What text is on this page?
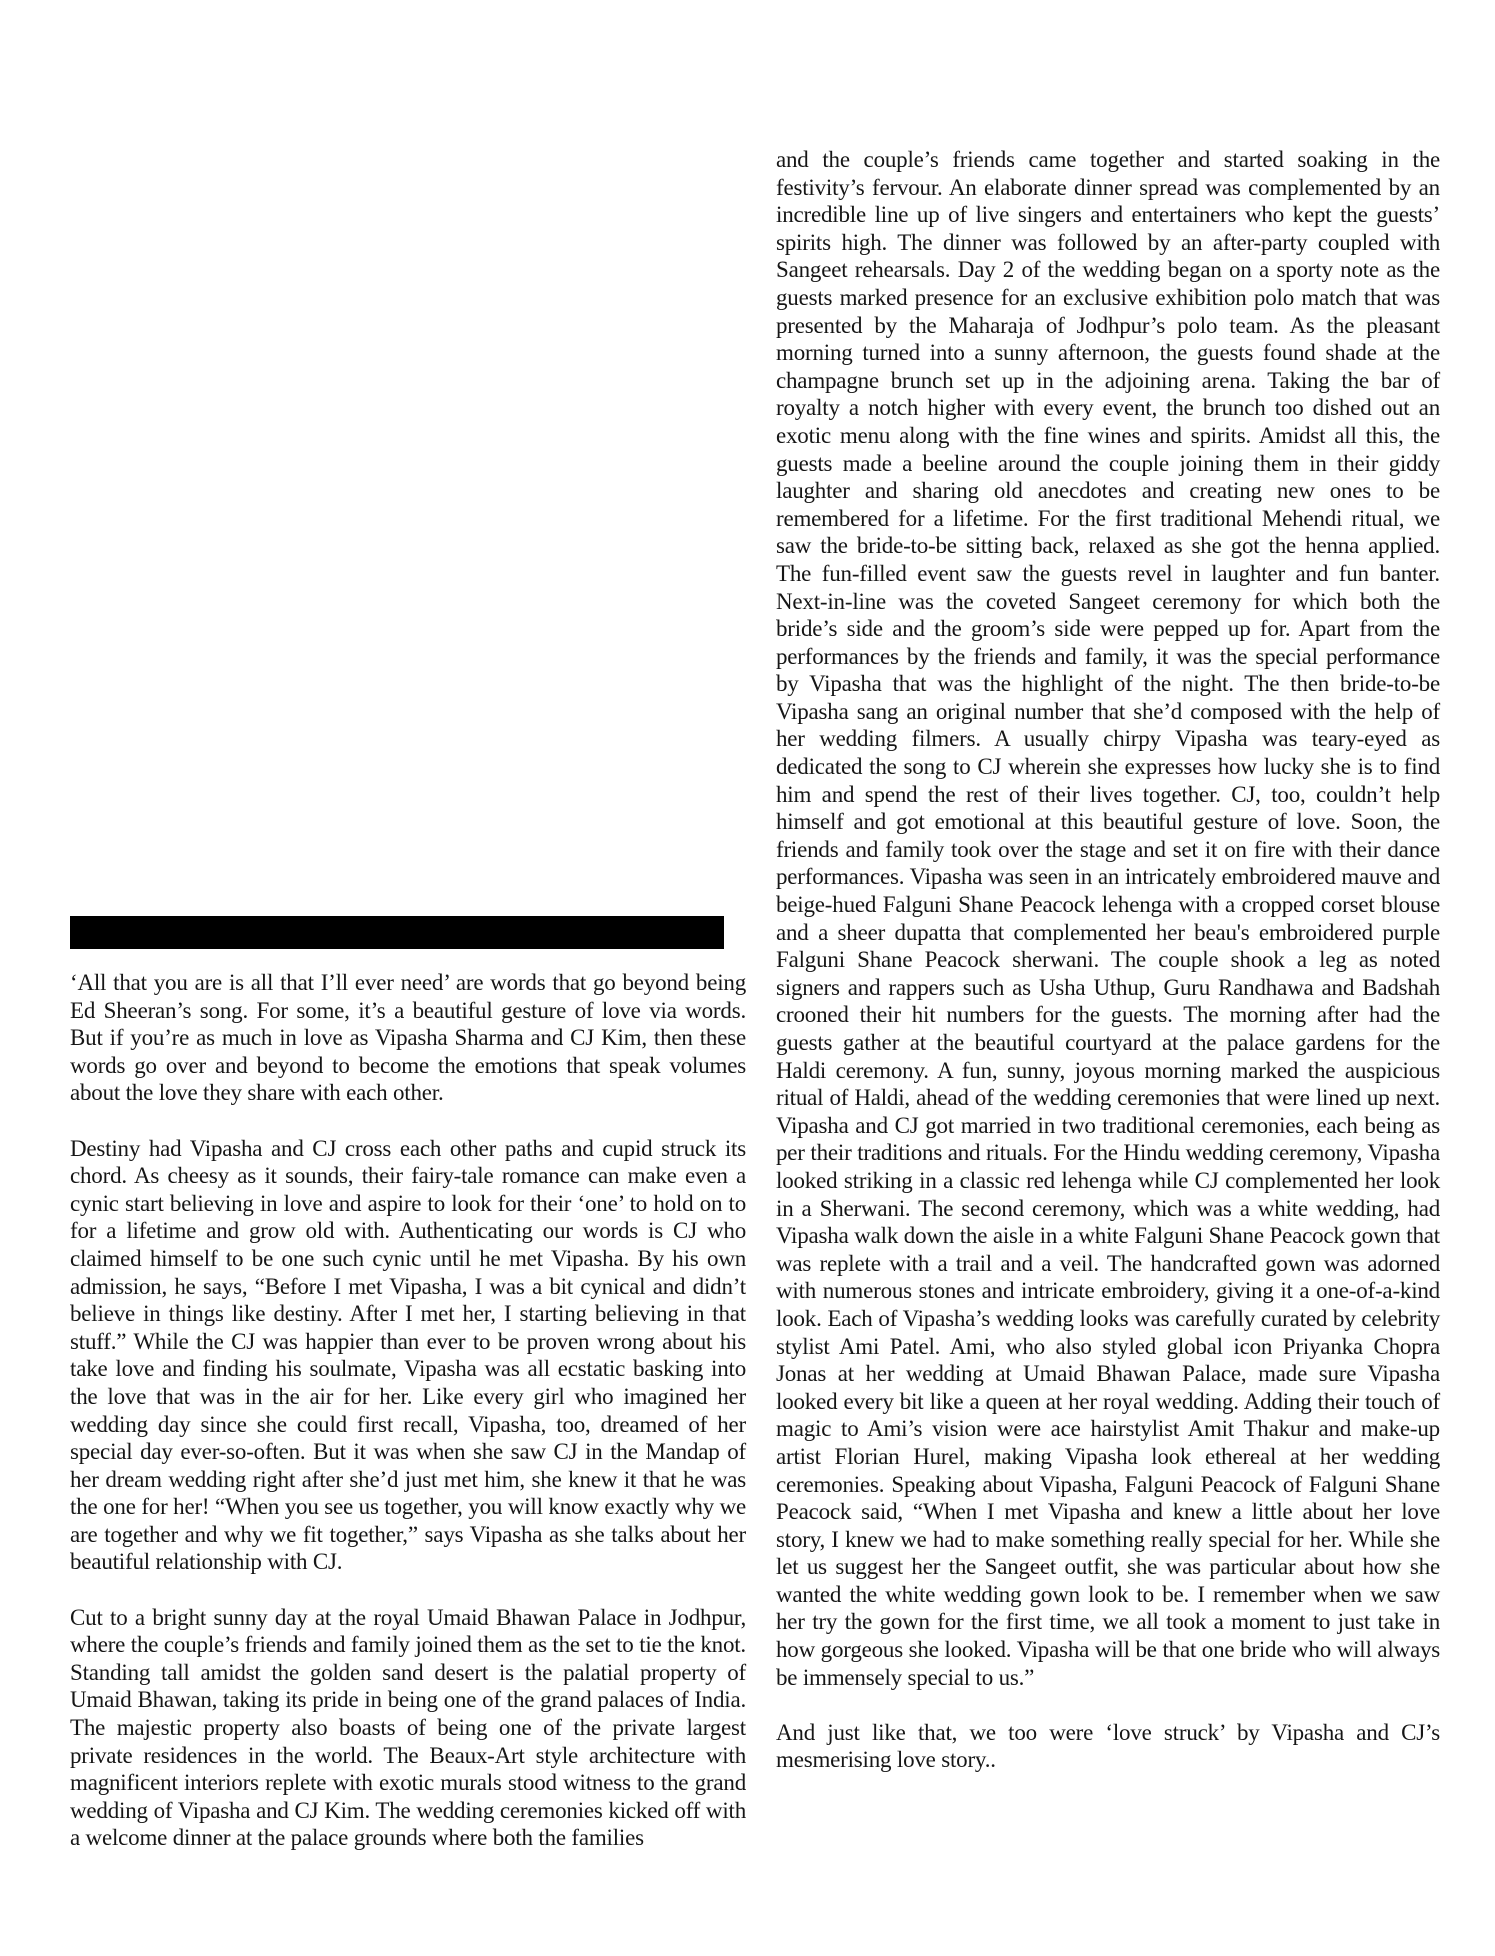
‘All that you are is all that I’ll ever need’ are words that go beyond being Ed Sheeran’s song. For some, it’s a beautiful gesture of love via words. But if you’re as much in love as Vipasha Sharma and CJ Kim, then these words go over and beyond to become the emotions that speak volumes about the love they share with each other.

Destiny had Vipasha and CJ cross each other paths and cupid struck its chord. As cheesy as it sounds, their fairy-tale romance can make even a cynic start believing in love and aspire to look for their ‘one’ to hold on to for a lifetime and grow old with. Authenticating our words is CJ who claimed himself to be one such cynic until he met Vipasha. By his own admission, he says, “Before I met Vipasha, I was a bit cynical and didn’t believe in things like destiny. After I met her, I starting believing in that stuff.” While the CJ was happier than ever to be proven wrong about his take love and finding his soulmate, Vipasha was all ecstatic basking into the love that was in the air for her. Like every girl who imagined her wedding day since she could first recall, Vipasha, too, dreamed of her special day ever-so-often. But it was when she saw CJ in the Mandap of her dream wedding right after she’d just met him, she knew it that he was the one for her! “When you see us together, you will know exactly why we are together and why we fit together,” says Vipasha as she talks about her beautiful relationship with CJ.

Cut to a bright sunny day at the royal Umaid Bhawan Palace in Jodhpur, where the couple’s friends and family joined them as the set to tie the knot. Standing tall amidst the golden sand desert is the palatial property of Umaid Bhawan, taking its pride in being one of the grand palaces of India. The majestic property also boasts of being one of the private largest private residences in the world. The Beaux-Art style architecture with magnificent interiors replete with exotic murals stood witness to the grand wedding of Vipasha and CJ Kim. The wedding ceremonies kicked off with a welcome dinner at the palace grounds where both the families

and the couple’s friends came together and started soaking in the festivity’s fervour. An elaborate dinner spread was complemented by an incredible line up of live singers and entertainers who kept the guests’ spirits high. The dinner was followed by an after-party coupled with Sangeet rehearsals. Day 2 of the wedding began on a sporty note as the guests marked presence for an exclusive exhibition polo match that was presented by the Maharaja of Jodhpur’s polo team. As the pleasant morning turned into a sunny afternoon, the guests found shade at the champagne brunch set up in the adjoining arena. Taking the bar of royalty a notch higher with every event, the brunch too dished out an exotic menu along with the fine wines and spirits. Amidst all this, the guests made a beeline around the couple joining them in their giddy laughter and sharing old anecdotes and creating new ones to be remembered for a lifetime. For the first traditional Mehendi ritual, we saw the bride-to-be sitting back, relaxed as she got the henna applied. The fun-filled event saw the guests revel in laughter and fun banter. Next-in-line was the coveted Sangeet ceremony for which both the bride’s side and the groom’s side were pepped up for. Apart from the performances by the friends and family, it was the special performance by Vipasha that was the highlight of the night. The then bride-to-be Vipasha sang an original number that she’d composed with the help of her wedding filmers. A usually chirpy Vipasha was teary-eyed as dedicated the song to CJ wherein she expresses how lucky she is to find him and spend the rest of their lives together. CJ, too, couldn’t help himself and got emotional at this beautiful gesture of love. Soon, the friends and family took over the stage and set it on fire with their dance performances. Vipasha was seen in an intricately embroidered mauve and beige-hued Falguni Shane Peacock lehenga with a cropped corset blouse and a sheer dupatta that complemented her beau's embroidered purple Falguni Shane Peacock sherwani. The couple shook a leg as noted signers and rappers such as Usha Uthup, Guru Randhawa and Badshah crooned their hit numbers for the guests. The morning after had the guests gather at the beautiful courtyard at the palace gardens for the Haldi ceremony. A fun, sunny, joyous morning marked the auspicious ritual of Haldi, ahead of the wedding ceremonies that were lined up next. Vipasha and CJ got married in two traditional ceremonies, each being as per their traditions and rituals. For the Hindu wedding ceremony, Vipasha looked striking in a classic red lehenga while CJ complemented her look in a Sherwani. The second ceremony, which was a white wedding, had Vipasha walk down the aisle in a white Falguni Shane Peacock gown that was replete with a trail and a veil. The handcrafted gown was adorned with numerous stones and intricate embroidery, giving it a one-of-a-kind look. Each of Vipasha’s wedding looks was carefully curated by celebrity stylist Ami Patel. Ami, who also styled global icon Priyanka Chopra Jonas at her wedding at Umaid Bhawan Palace, made sure Vipasha looked every bit like a queen at her royal wedding. Adding their touch of magic to Ami’s vision were ace hairstylist Amit Thakur and make-up artist Florian Hurel, making Vipasha look ethereal at her wedding ceremonies. Speaking about Vipasha, Falguni Peacock of Falguni Shane Peacock said, “When I met Vipasha and knew a little about her love story, I knew we had to make something really special for her. While she let us suggest her the Sangeet outfit, she was particular about how she wanted the white wedding gown look to be. I remember when we saw her try the gown for the first time, we all took a moment to just take in how gorgeous she looked. Vipasha will be that one bride who will always be immensely special to us.”

And just like that, we too were ‘love struck’ by Vipasha and CJ’s mesmerising love story..
